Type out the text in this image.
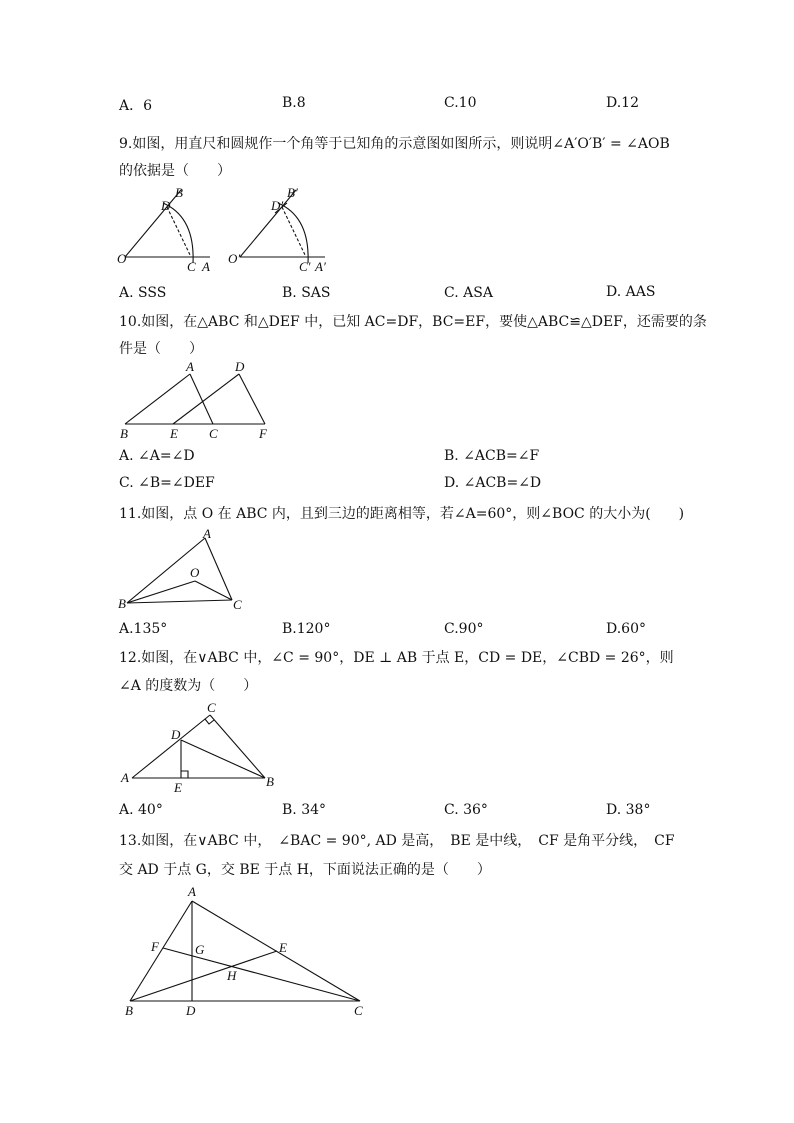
A．6	B.8	C.10	D.12
9.如图，用直尺和圆规作一个角等于已知角的示意图如图所示，则说明∠A′O′B′ = ∠AOB
的依据是（　　）
B
D
O
C A
B′
D′
O′
C′ A′
A. SSS	B. SAS	C. ASA	D. AAS
10.如图，在△ABC 和△DEF 中，已知 AC=DF，BC=EF，要使△ABC≌△DEF，还需要的条
件是（　　）
A	D
B	E C	F
A. ∠A=∠D	B. ∠ACB=∠F
C. ∠B=∠DEF	D. ∠ACB=∠D
11.如图，点 O 在 ABC 内，且到三边的距离相等，若∠A=60°，则∠BOC 的大小为(　　)
A
O
B	C
A.135°	B.120°	C.90°	D.60°
12.如图，在∨ABC 中，∠C = 90°，DE ⊥ AB 于点 E，CD = DE，∠CBD = 26°，则
∠A 的度数为（　　）
C
D
A
E	B
A. 40°	B. 34°	C. 36°	D. 38°
13.如图，在∨ABC 中，　∠BAC = 90°, AD 是高，　BE 是中线，　CF 是角平分线，　CF
交 AD 于点 G，交 BE 于点 H，下面说法正确的是（　　）
A
F	G	E
H
B	D	C
